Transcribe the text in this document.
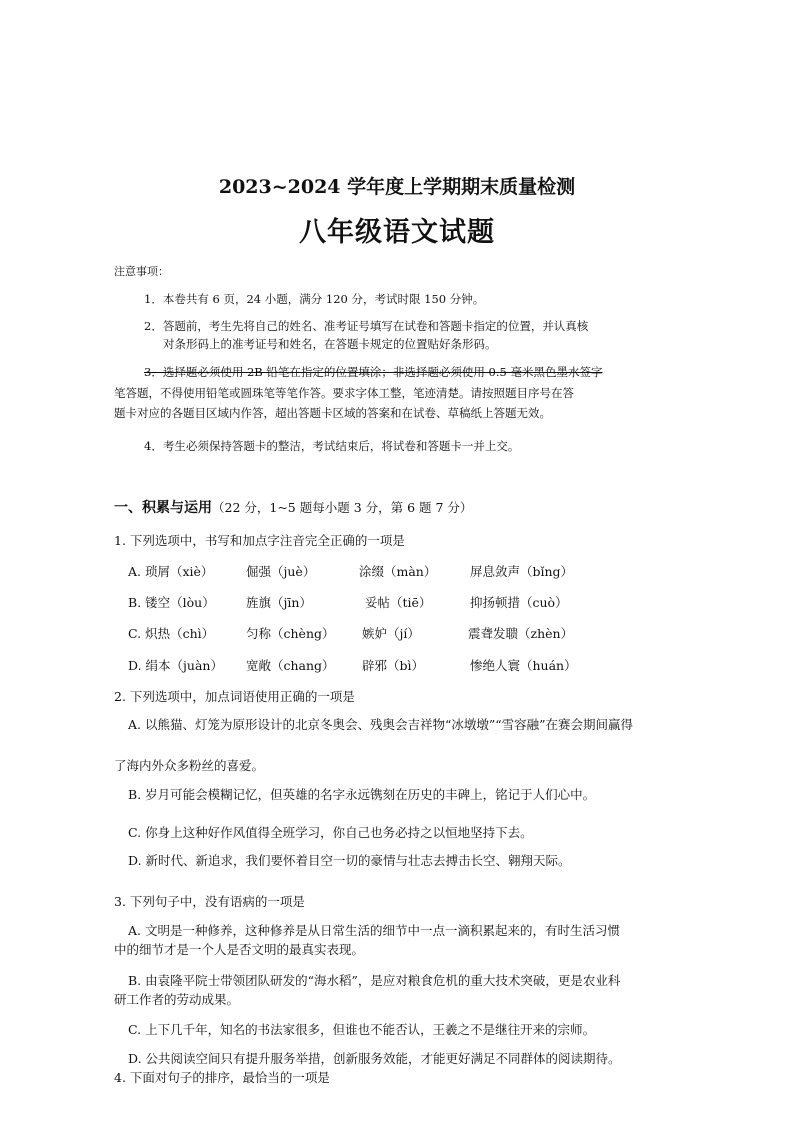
2023~2024 学年度上学期期末质量检测
八年级语文试题
注意事项：
1．本卷共有 6 页，24 小题，满分 120 分，考试时限 150 分钟。
2．答题前，考生先将自己的姓名、准考证号填写在试卷和答题卡指定的位置，并认真核
对条形码上的准考证号和姓名，在答题卡规定的位置贴好条形码。
3．选择题必须使用 2B 铅笔在指定的位置填涂；非选择题必须使用 0.5 毫米黑色墨水签字
笔答题，不得使用铅笔或圆珠笔等笔作答。要求字体工整，笔迹清楚。请按照题目序号在答
题卡对应的各题目区域内作答，超出答题卡区域的答案和在试卷、草稿纸上答题无效。
4．考生必须保持答题卡的整洁，考试结束后，将试卷和答题卡一并上交。
一、积累与运用（22 分，1~5 题每小题 3 分，第 6 题 7 分）
1. 下列选项中，书写和加点字注音完全正确的一项是
A. 琐屑（xiè）	倔强（juè）	涂缀（màn）	屏息敛声（bǐng）
B. 镂空（lòu）	旌旗（jīn）	妥帖（tiē）	抑扬顿措（cuò）
C. 炽热（chì）	匀称（chèng） 嫉妒（jí）	震聋发聩（zhèn）
D. 绢本（juàn） 宽敞（chang） 辟邪（bì）	惨绝人寰（huán）
2. 下列选项中，加点词语使用正确的一项是
A. 以熊猫、灯笼为原形设计的北京冬奥会、残奥会吉祥物“冰墩墩”“雪容融”在赛会期间赢得
了海内外众多粉丝的喜爱。
B. 岁月可能会模糊记忆，但英雄的名字永远镌刻在历史的丰碑上，铭记于人们心中。
C. 你身上这种好作风值得全班学习，你自己也务必持之以恒地坚持下去。
D. 新时代、新追求，我们要怀着目空一切的豪情与壮志去搏击长空、翱翔天际。
3. 下列句子中，没有语病的一项是
A. 文明是一种修养，这种修养是从日常生活的细节中一点一滴积累起来的，有时生活习惯
中的细节才是一个人是否文明的最真实表现。
B. 由袁隆平院士带领团队研发的“海水稻”，是应对粮食危机的重大技术突破，更是农业科
研工作者的劳动成果。
C. 上下几千年，知名的书法家很多，但谁也不能否认，王羲之不是继往开来的宗师。
D. 公共阅读空间只有提升服务举措，创新服务效能，才能更好满足不同群体的阅读期待。
4. 下面对句子的排序，最恰当的一项是
